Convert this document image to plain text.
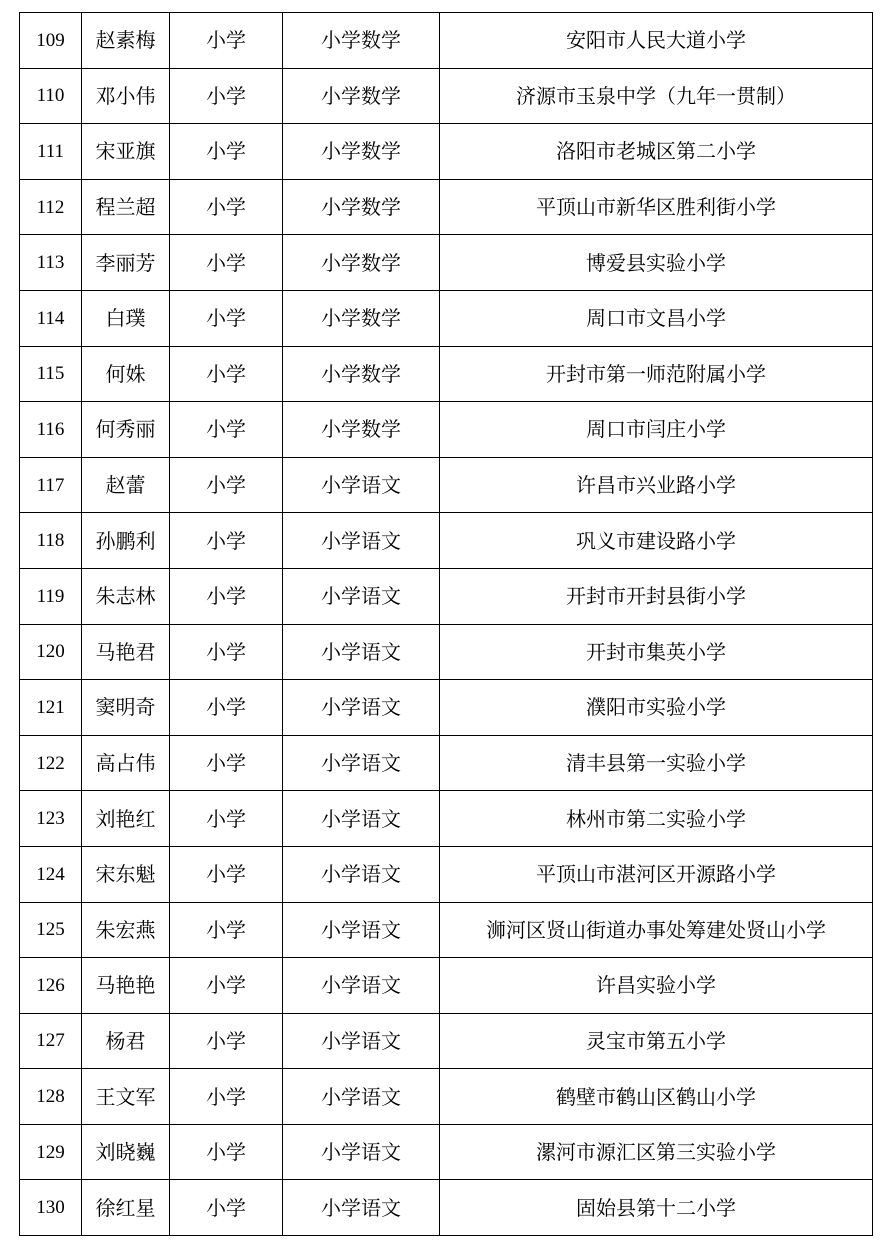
109	赵素梅	小学	小学数学	安阳市人民大道小学
110	邓小伟	小学	小学数学	济源市玉泉中学（九年一贯制）
111	宋亚旗	小学	小学数学	洛阳市老城区第二小学
112	程兰超	小学	小学数学	平顶山市新华区胜利街小学
113	李丽芳	小学	小学数学	博爱县实验小学
114	白璞	小学	小学数学	周口市文昌小学
115	何姝	小学	小学数学	开封市第一师范附属小学
116	何秀丽	小学	小学数学	周口市闫庄小学
117	赵蕾	小学	小学语文	许昌市兴业路小学
118	孙鹏利	小学	小学语文	巩义市建设路小学
119	朱志林	小学	小学语文	开封市开封县街小学
120	马艳君	小学	小学语文	开封市集英小学
121	窦明奇	小学	小学语文	濮阳市实验小学
122	高占伟	小学	小学语文	清丰县第一实验小学
123	刘艳红	小学	小学语文	林州市第二实验小学
124	宋东魁	小学	小学语文	平顶山市湛河区开源路小学
125	朱宏燕	小学	小学语文	浉河区贤山街道办事处筹建处贤山小学
126	马艳艳	小学	小学语文	许昌实验小学
127	杨君	小学	小学语文	灵宝市第五小学
128	王文军	小学	小学语文	鹤壁市鹤山区鹤山小学
129	刘晓巍	小学	小学语文	漯河市源汇区第三实验小学
130	徐红星	小学	小学语文	固始县第十二小学
